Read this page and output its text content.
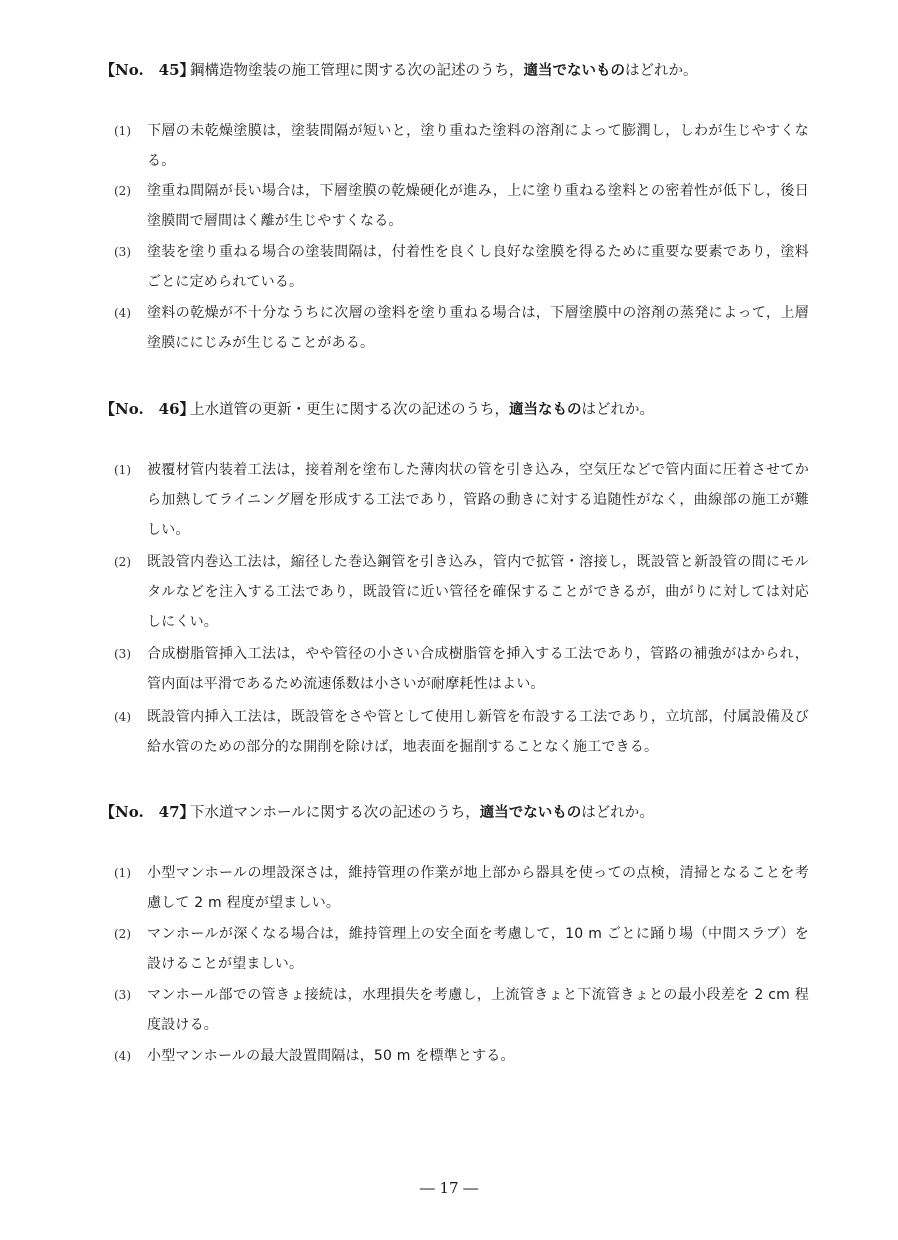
【No.　45】鋼構造物塗装の施工管理に関する次の記述のうち，適当でないものはどれか。
(1)	下層の未乾燥塗膜は，塗装間隔が短いと，塗り重ねた塗料の溶剤によって膨潤し，しわが生じやすくなる。
(2)	塗重ね間隔が長い場合は，下層塗膜の乾燥硬化が進み，上に塗り重ねる塗料との密着性が低下し，後日塗膜間で層間はく離が生じやすくなる。
(3)	塗装を塗り重ねる場合の塗装間隔は，付着性を良くし良好な塗膜を得るために重要な要素であり，塗料ごとに定められている。
(4)	塗料の乾燥が不十分なうちに次層の塗料を塗り重ねる場合は，下層塗膜中の溶剤の蒸発によって，上層塗膜ににじみが生じることがある。
【No.　46】上水道管の更新・更生に関する次の記述のうち，適当なものはどれか。
(1)	被覆材管内装着工法は，接着剤を塗布した薄肉状の管を引き込み，空気圧などで管内面に圧着させてから加熱してライニング層を形成する工法であり，管路の動きに対する追随性がなく，曲線部の施工が難しい。
(2)	既設管内巻込工法は，縮径した巻込鋼管を引き込み，管内で拡管・溶接し，既設管と新設管の間にモルタルなどを注入する工法であり，既設管に近い管径を確保することができるが，曲がりに対しては対応しにくい。
(3)	合成樹脂管挿入工法は，やや管径の小さい合成樹脂管を挿入する工法であり，管路の補強がはかられ，管内面は平滑であるため流速係数は小さいが耐摩耗性はよい。
(4)	既設管内挿入工法は，既設管をさや管として使用し新管を布設する工法であり，立坑部，付属設備及び給水管のための部分的な開削を除けば，地表面を掘削することなく施工できる。
【No.　47】下水道マンホールに関する次の記述のうち，適当でないものはどれか。
(1)	小型マンホールの埋設深さは，維持管理の作業が地上部から器具を使っての点検，清掃となることを考慮して 2 m 程度が望ましい。
(2)	マンホールが深くなる場合は，維持管理上の安全面を考慮して，10 m ごとに踊り場（中間スラブ）を設けることが望ましい。
(3)	マンホール部での管きょ接続は，水理損失を考慮し，上流管きょと下流管きょとの最小段差を 2 cm 程度設ける。
(4)	小型マンホールの最大設置間隔は，50 m を標準とする。
― 17 ―
